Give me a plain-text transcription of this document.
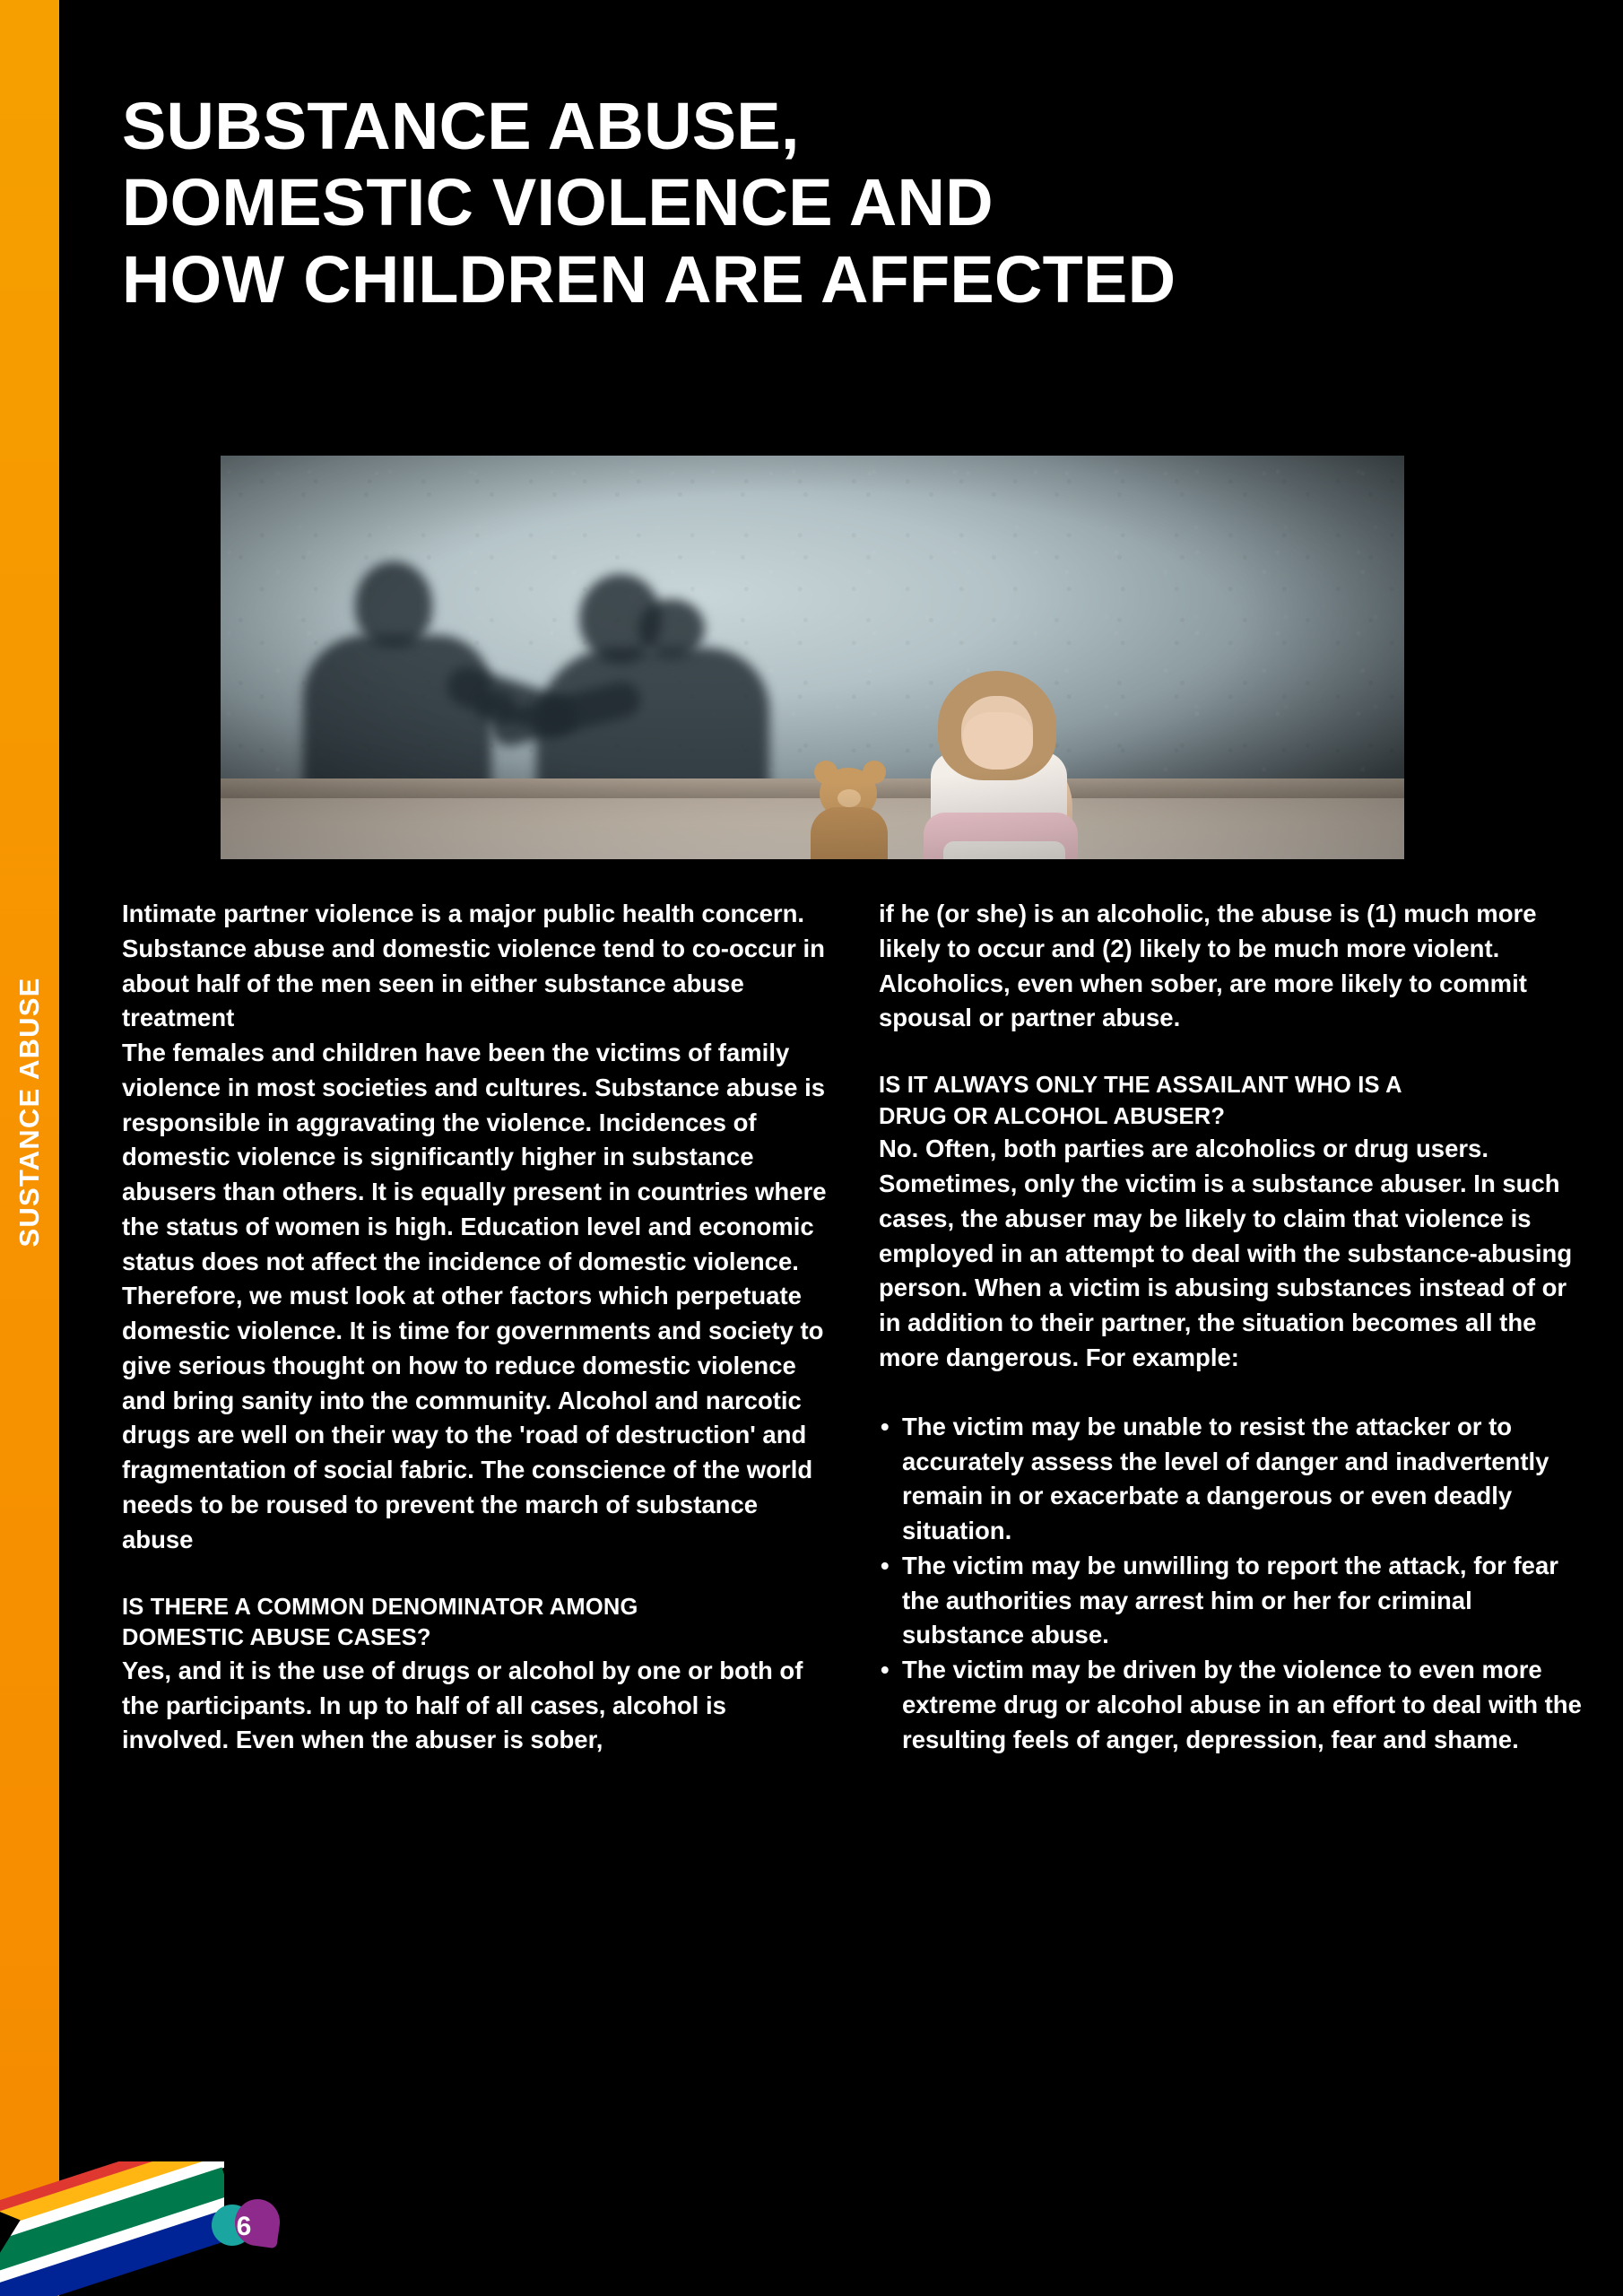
SUSTANCE ABUSE
SUBSTANCE ABUSE,
DOMESTIC VIOLENCE AND
HOW CHILDREN ARE AFFECTED

Intimate partner violence is a major public health concern. Substance abuse and domestic violence tend to co-occur in about half of the men seen in either substance abuse treatment

The females and children have been the victims of family violence in most societies and cultures. Substance abuse is responsible in aggravating the violence. Incidences of domestic violence is significantly higher in substance abusers than others. It is equally present in countries where the status of women is high. Education level and economic status does not affect the incidence of domestic violence. Therefore, we must look at other factors which perpetuate domestic violence. It is time for governments and society to give serious thought on how to reduce domestic violence and bring sanity into the community. Alcohol and narcotic drugs are well on their way to the 'road of destruction' and fragmentation of social fabric. The conscience of the world needs to be roused to prevent the march of substance abuse

IS THERE A COMMON DENOMINATOR AMONG
DOMESTIC ABUSE CASES?

Yes, and it is the use of drugs or alcohol by one or both of the participants. In up to half of all cases, alcohol is involved. Even when the abuser is sober,

if he (or she) is an alcoholic, the abuse is (1) much more likely to occur and (2) likely to be much more violent. Alcoholics, even when sober, are more likely to commit spousal or partner abuse.

IS IT ALWAYS ONLY THE ASSAILANT WHO IS A
DRUG OR ALCOHOL ABUSER?

No. Often, both parties are alcoholics or drug users. Sometimes, only the victim is a substance abuser. In such cases, the abuser may be likely to claim that violence is employed in an attempt to deal with the substance-abusing person. When a victim is abusing substances instead of or in addition to their partner, the situation becomes all the more dangerous. For example:

• The victim may be unable to resist the attacker or to accurately assess the level of danger and inadvertently remain in or exacerbate a dangerous or even deadly situation.
• The victim may be unwilling to report the attack, for fear the authorities may arrest him or her for criminal substance abuse.
• The victim may be driven by the violence to even more extreme drug or alcohol abuse in an effort to deal with the resulting feels of anger, depression, fear and shame.
6
